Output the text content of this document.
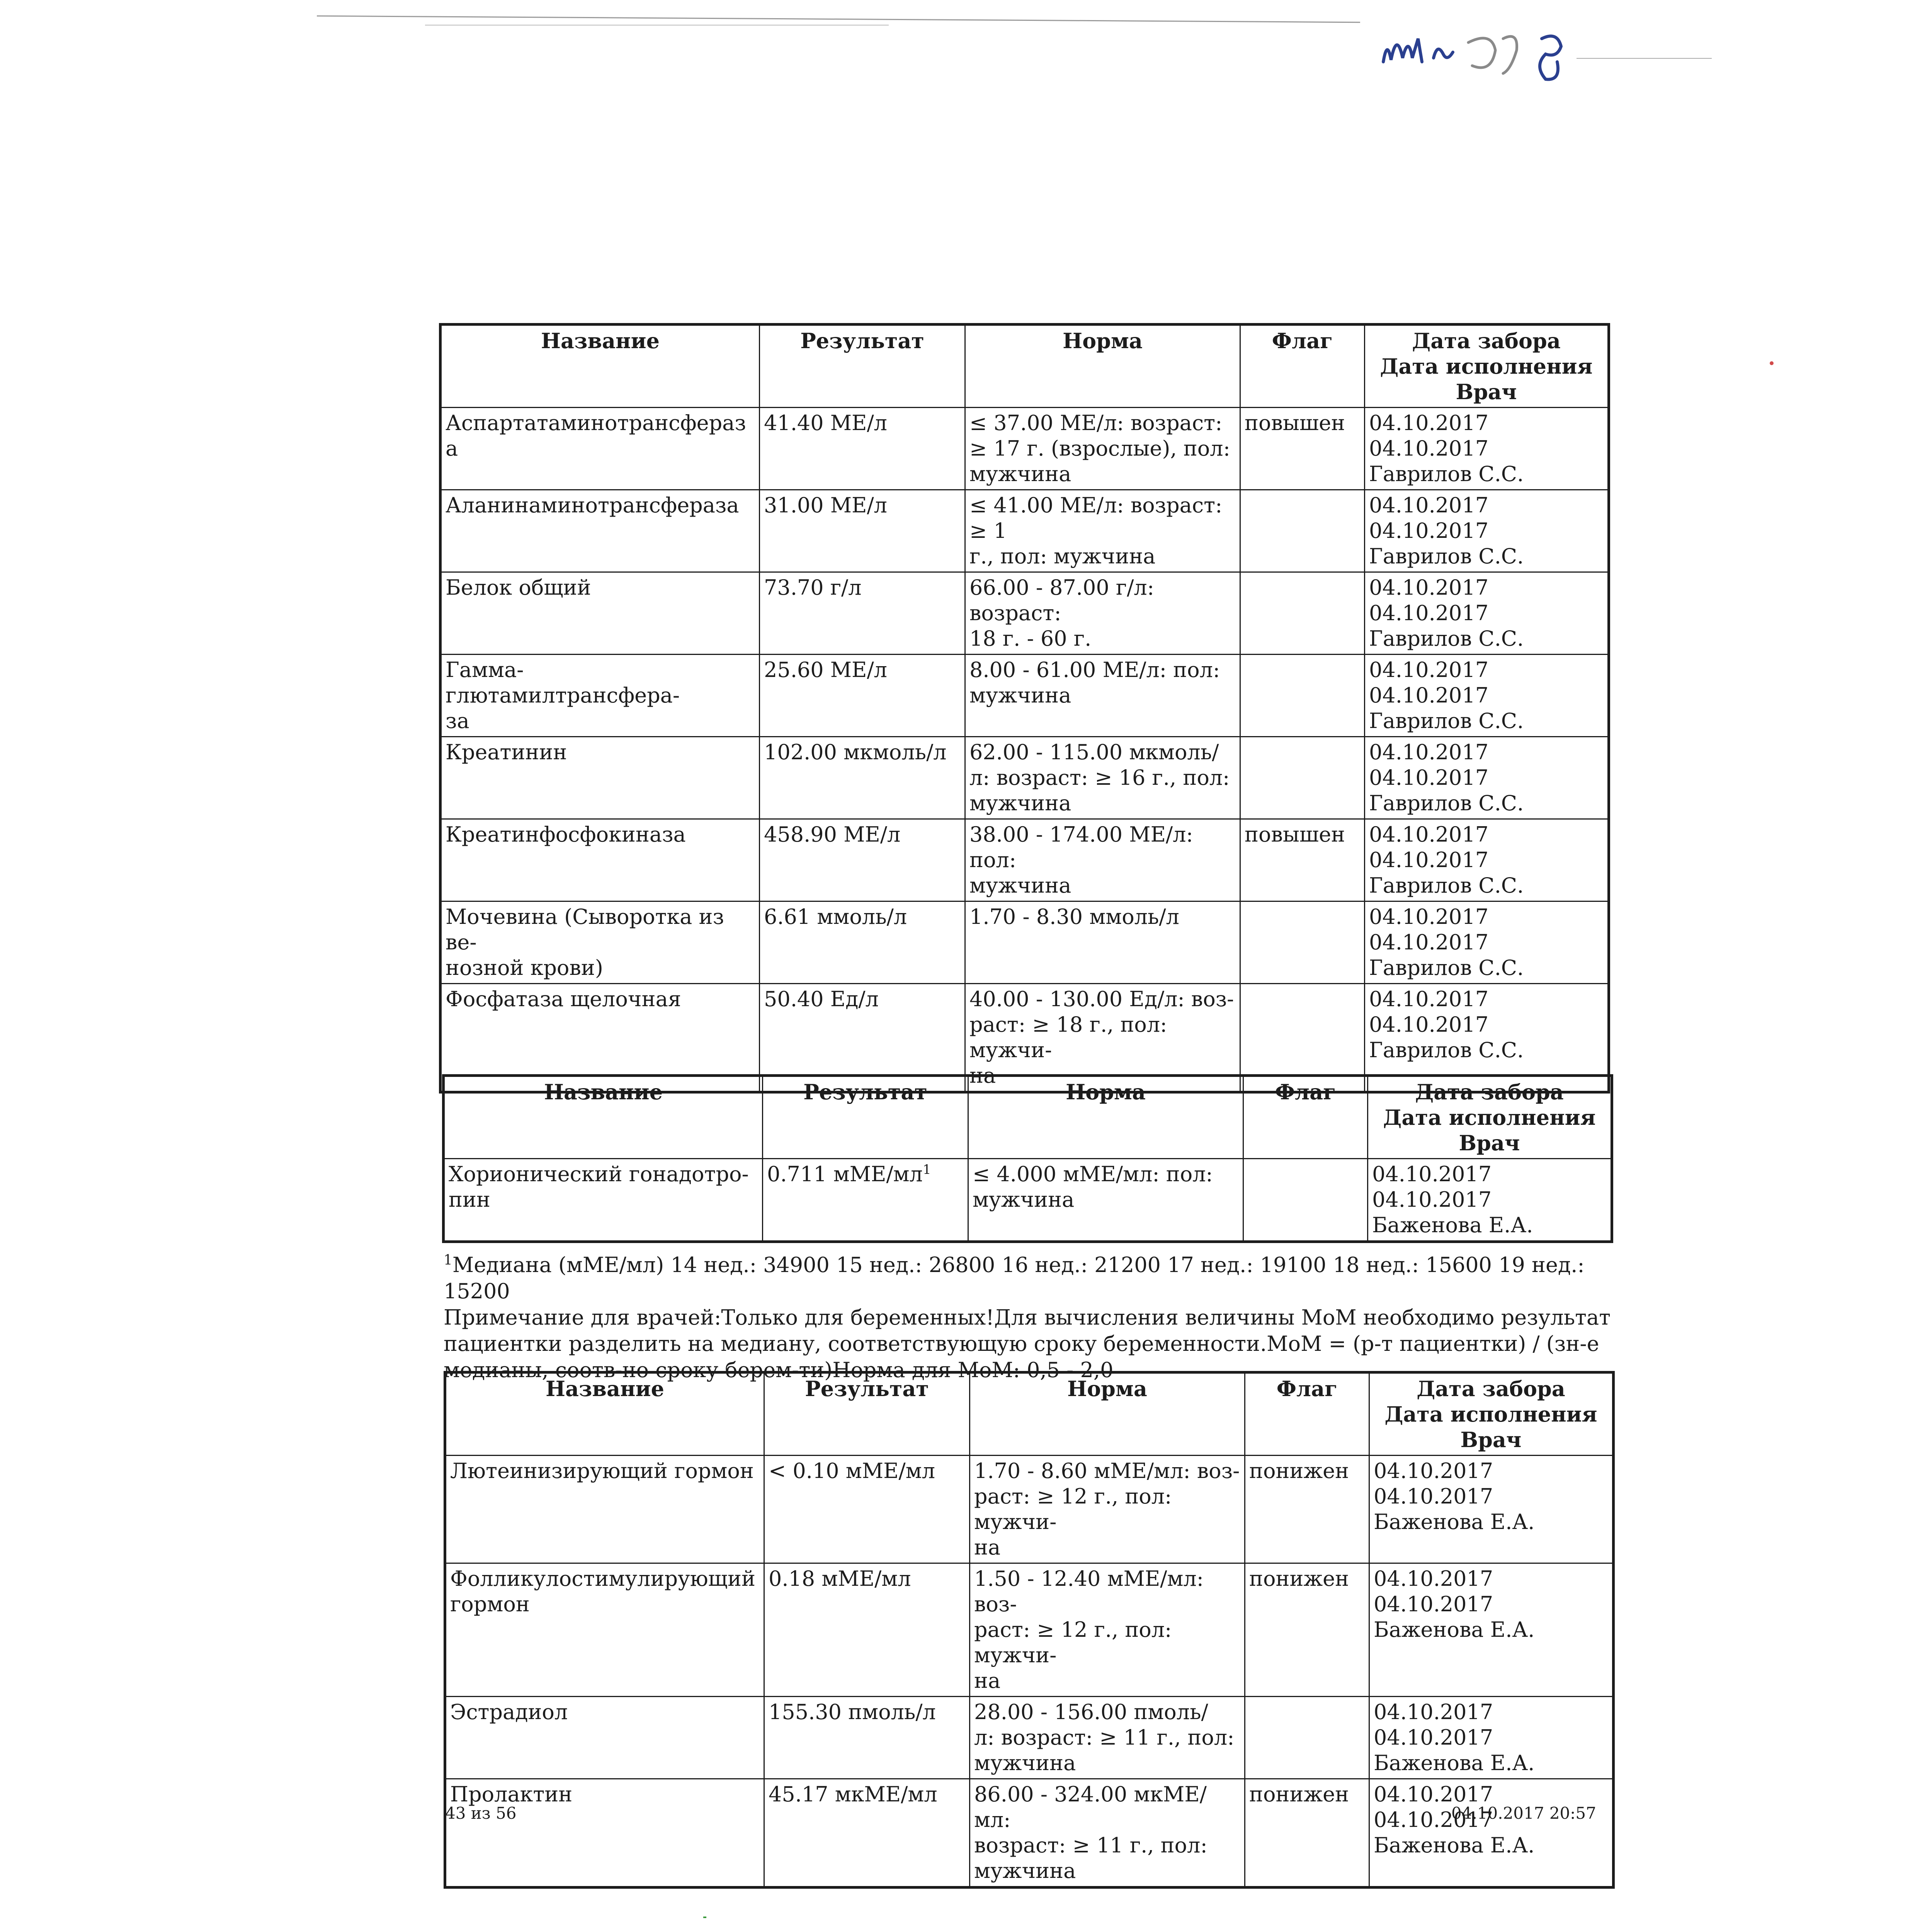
Название	Результат	Норма	Флаг	Дата забора
Дата исполнения
Врач
Аспартатаминотрансфераза	41.40 МЕ/л	≤ 37.00 МЕ/л: возраст:
≥ 17 г. (взрослые), пол:
мужчина	повышен	04.10.2017
04.10.2017
Гаврилов С.С.
Аланинаминотрансфераза	31.00 МЕ/л	≤ 41.00 МЕ/л: возраст: ≥ 1
г., пол: мужчина		04.10.2017
04.10.2017
Гаврилов С.С.
Белок общий	73.70 г/л	66.00 - 87.00 г/л: возраст:
18 г. - 60 г.		04.10.2017
04.10.2017
Гаврилов С.С.
Гамма-глютамилтрансфера-
за	25.60 МЕ/л	8.00 - 61.00 МЕ/л: пол:
мужчина		04.10.2017
04.10.2017
Гаврилов С.С.
Креатинин	102.00 мкмоль/л	62.00 - 115.00 мкмоль/
л: возраст: ≥ 16 г., пол:
мужчина		04.10.2017
04.10.2017
Гаврилов С.С.
Креатинфосфокиназа	458.90 МЕ/л	38.00 - 174.00 МЕ/л: пол:
мужчина	повышен	04.10.2017
04.10.2017
Гаврилов С.С.
Мочевина (Сыворотка из ве-
нозной крови)	6.61 ммоль/л	1.70 - 8.30 ммоль/л		04.10.2017
04.10.2017
Гаврилов С.С.
Фосфатаза щелочная	50.40 Ед/л	40.00 - 130.00 Ед/л: воз-
раст: ≥ 18 г., пол: мужчи-
на		04.10.2017
04.10.2017
Гаврилов С.С.
Название	Результат	Норма	Флаг	Дата забора
Дата исполнения
Врач
Хорионический гонадотро-
пин	0.711 мМЕ/мл$^1$	≤ 4.000 мМЕ/мл: пол:
мужчина		04.10.2017
04.10.2017
Баженова Е.А.
$^1$Медиана (мМЕ/мл) 14 нед.: 34900 15 нед.: 26800 16 нед.: 21200 17 нед.: 19100 18 нед.: 15600 19 нед.: 15200
Примечание для врачей:Только для беременных!Для вычисления величины МоМ необходимо результат
пациентки разделить на медиану, соответствующую сроку беременности.МоМ = (р-т пациентки) / (зн-е
медианы, соотв-но сроку берем-ти)Норма для МоМ: 0,5 - 2,0
Название	Результат	Норма	Флаг	Дата забора
Дата исполнения
Врач
Лютеинизирующий гормон	< 0.10 мМЕ/мл	1.70 - 8.60 мМЕ/мл: воз-
раст: ≥ 12 г., пол: мужчи-
на	понижен	04.10.2017
04.10.2017
Баженова Е.А.
Фолликулостимулирующий
гормон	0.18 мМЕ/мл	1.50 - 12.40 мМЕ/мл: воз-
раст: ≥ 12 г., пол: мужчи-
на	понижен	04.10.2017
04.10.2017
Баженова Е.А.
Эстрадиол	155.30 пмоль/л	28.00 - 156.00 пмоль/
л: возраст: ≥ 11 г., пол:
мужчина		04.10.2017
04.10.2017
Баженова Е.А.
Пролактин	45.17 мкМЕ/мл	86.00 - 324.00 мкМЕ/мл:
возраст: ≥ 11 г., пол:
мужчина	понижен	04.10.2017
04.10.2017
Баженова Е.А.
43 из 56	04.10.2017 20:57
